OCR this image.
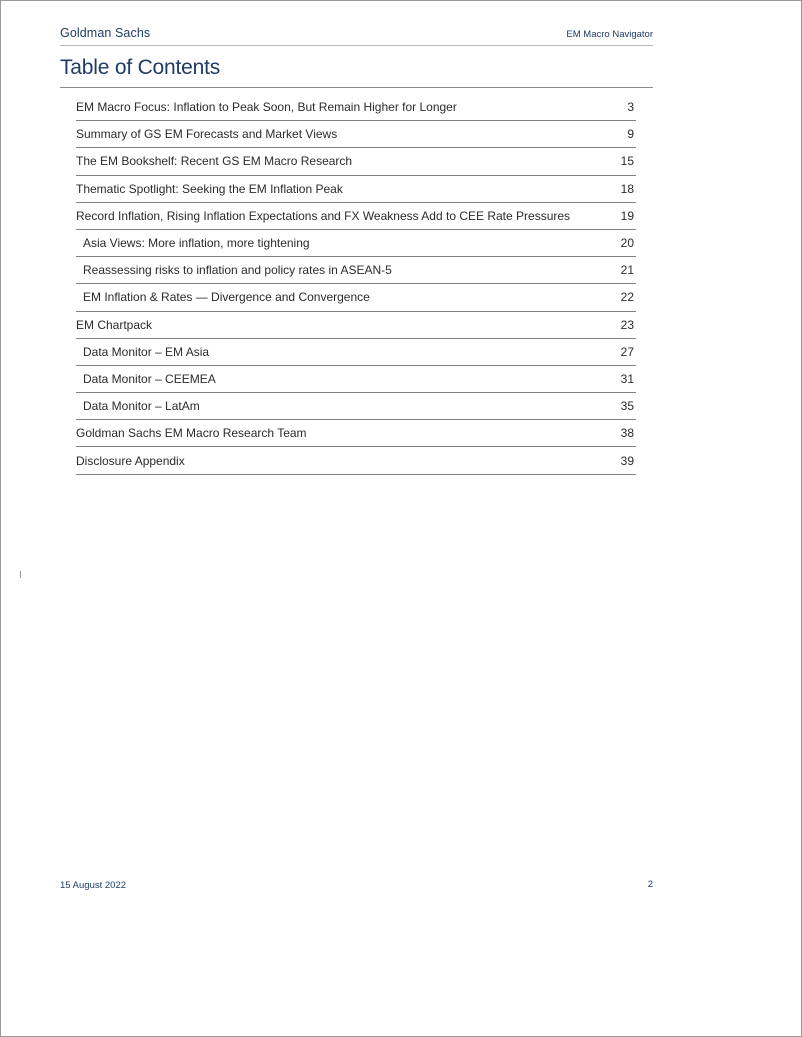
Goldman Sachs	EM Macro Navigator
Table of Contents
EM Macro Focus: Inflation to Peak Soon, But Remain Higher for Longer	3
Summary of GS EM Forecasts and Market Views	9
The EM Bookshelf: Recent GS EM Macro Research	15
Thematic Spotlight: Seeking the EM Inflation Peak	18
Record Inflation, Rising Inflation Expectations and FX Weakness Add to CEE Rate Pressures	19
Asia Views: More inflation, more tightening	20
Reassessing risks to inflation and policy rates in ASEAN-5	21
EM Inflation & Rates — Divergence and Convergence	22
EM Chartpack	23
Data Monitor – EM Asia	27
Data Monitor – CEEMEA	31
Data Monitor – LatAm	35
Goldman Sachs EM Macro Research Team	38
Disclosure Appendix	39
15 August 2022	2
